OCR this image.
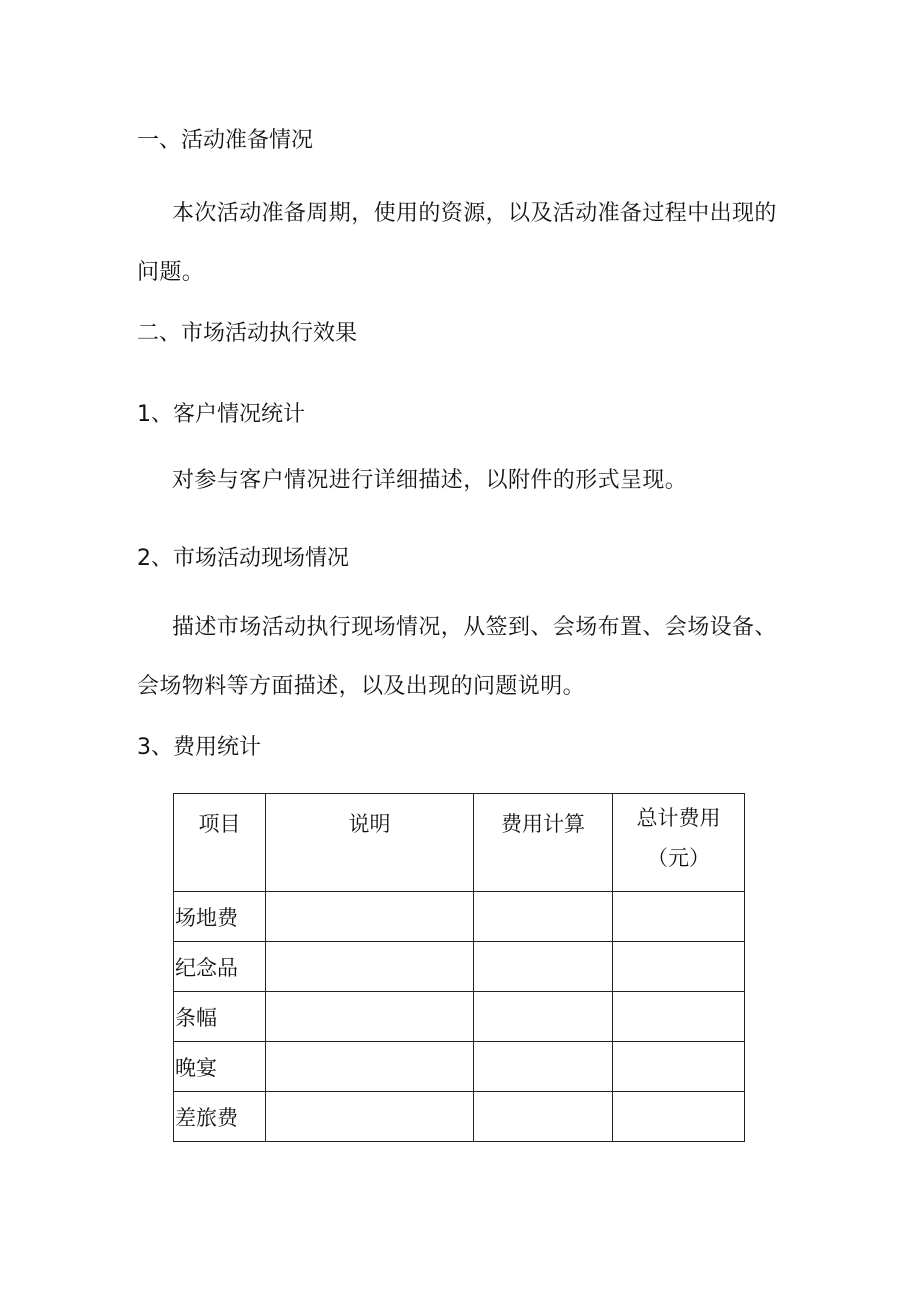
一、活动准备情况

本次活动准备周期，使用的资源，以及活动准备过程中出现的问题。

二、市场活动执行效果
1、客户情况统计

对参与客户情况进行详细描述，以附件的形式呈现。

2、市场活动现场情况

描述市场活动执行现场情况，从签到、会场布置、会场设备、会场物料等方面描述，以及出现的问题说明。

3、费用统计
项目	说明	费用计算	总计费用
（元）

场地费			
纪念品			
条幅			
晚宴			
差旅费			
